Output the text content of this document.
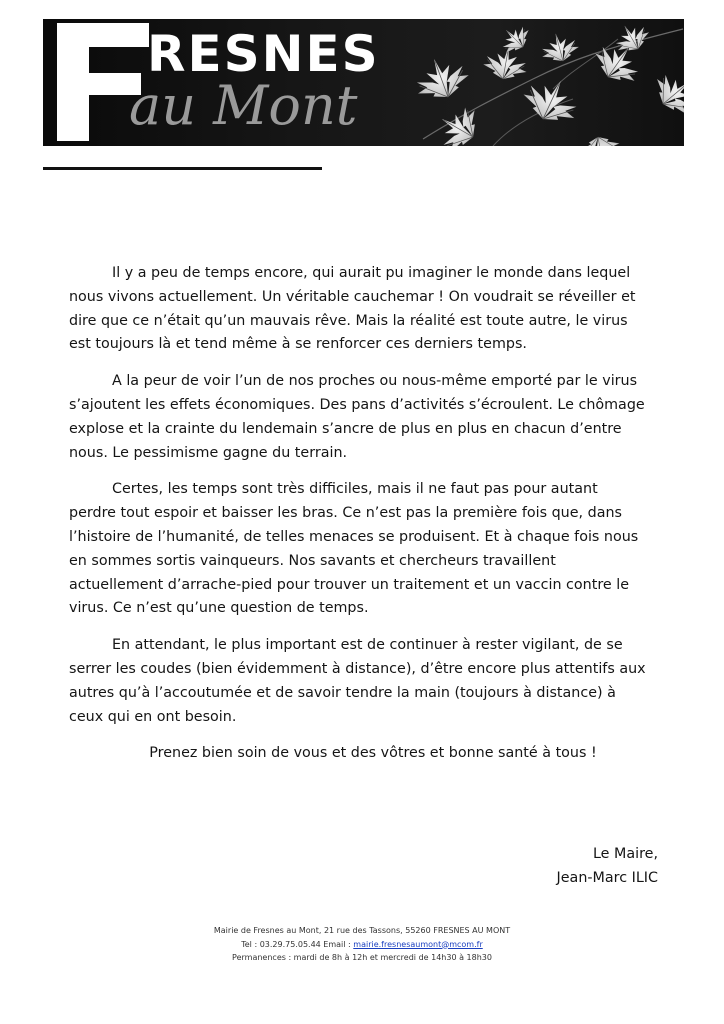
RESNES
au Mont

Il y a peu de temps encore, qui aurait pu imaginer le monde dans lequel nous vivons actuellement. Un véritable cauchemar ! On voudrait se réveiller et dire que ce n’était qu’un mauvais rêve. Mais la réalité est toute autre, le virus est toujours là et tend même à se renforcer ces derniers temps.

A la peur de voir l’un de nos proches ou nous-même emporté par le virus s’ajoutent les effets économiques. Des pans d’activités s’écroulent. Le chômage explose et la crainte du lendemain s’ancre de plus en plus en chacun d’entre nous. Le pessimisme gagne du terrain.

Certes, les temps sont très difficiles, mais il ne faut pas pour autant perdre tout espoir et baisser les bras. Ce n’est pas la première fois que, dans l’histoire de l’humanité, de telles menaces se produisent. Et à chaque fois nous en sommes sortis vainqueurs. Nos savants et chercheurs travaillent actuellement d’arrache-pied pour trouver un traitement et un vaccin contre le virus. Ce n’est qu’une question de temps.

En attendant, le plus important est de continuer à rester vigilant, de se serrer les coudes (bien évidemment à distance), d’être encore plus attentifs aux autres qu’à l’accoutumée et de savoir tendre la main (toujours à distance) à ceux qui en ont besoin.

Prenez bien soin de vous et des vôtres et bonne santé à tous !

Le Maire,
Jean-Marc ILIC
Mairie de Fresnes au Mont, 21 rue des Tassons, 55260 FRESNES AU MONT
Tel : 03.29.75.05.44 Email : mairie.fresnesaumont@mcom.fr
Permanences : mardi de 8h à 12h et mercredi de 14h30 à 18h30
